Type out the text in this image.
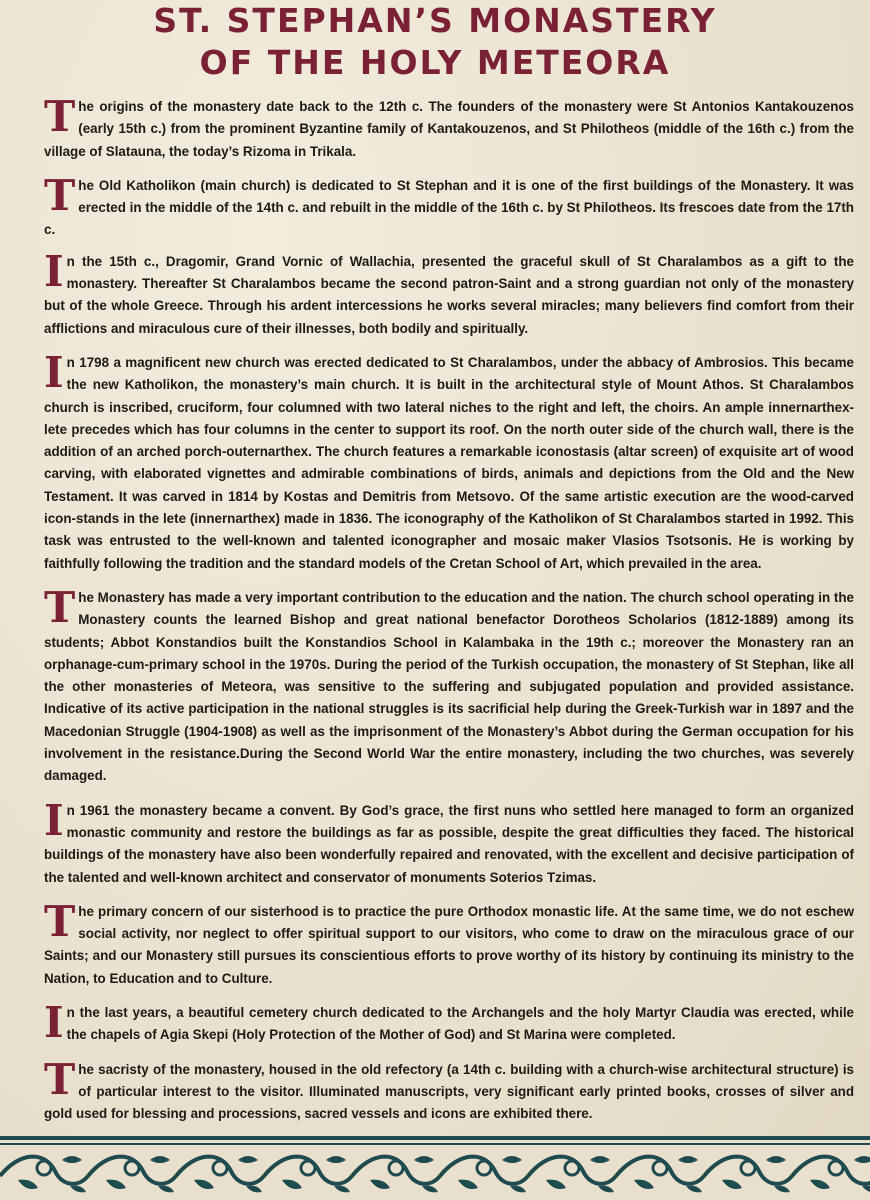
ST. STEPHAN’S MONASTERY
OF THE HOLY METEORA

The origins of the monastery date back to the 12th c. The founders of the monastery were St Antonios Kantakouzenos (early 15th c.) from the prominent Byzantine family of Kantakouzenos, and St Philotheos (middle of the 16th c.) from the village of Slatauna, the today’s Rizoma in Trikala.

The Old Katholikon (main church) is dedicated to St Stephan and it is one of the first buildings of the Monastery. It was erected in the middle of the 14th c. and rebuilt in the middle of the 16th c. by St Philotheos. Its frescoes date from the 17th c.

In the 15th c., Dragomir, Grand Vornic of Wallachia, presented the graceful skull of St Charalambos as a gift to the monastery. Thereafter St Charalambos became the second patron-Saint and a strong guardian not only of the monastery but of the whole Greece. Through his ardent intercessions he works several miracles; many believers find comfort from their afflictions and miraculous cure of their illnesses, both bodily and spiritually.

In 1798 a magnificent new church was erected dedicated to St Charalambos, under the abbacy of Ambrosios. This became the new Katholikon, the monastery’s main church. It is built in the architectural style of Mount Athos. St Charalambos church is inscribed, cruciform, four columned with two lateral niches to the right and left, the choirs. An ample innernarthex-lete precedes which has four columns in the center to support its roof. On the north outer side of the church wall, there is the addition of an arched porch-outernarthex. The church features a remarkable iconostasis (altar screen) of exquisite art of wood carving, with elaborated vignettes and admirable combinations of birds, animals and depictions from the Old and the New Testament. It was carved in 1814 by Kostas and Demitris from Metsovo. Of the same artistic execution are the wood-carved icon-stands in the lete (innernarthex) made in 1836. The iconography of the Katholikon of St Charalambos started in 1992. This task was entrusted to the well-known and talented iconographer and mosaic maker Vlasios Tsotsonis. He is working by faithfully following the tradition and the standard models of the Cretan School of Art, which prevailed in the area.

The Monastery has made a very important contribution to the education and the nation. The church school operating in the Monastery counts the learned Bishop and great national benefactor Dorotheos Scholarios (1812-1889) among its students; Abbot Konstandios built the Konstandios School in Kalambaka in the 19th c.; moreover the Monastery ran an orphanage-cum-primary school in the 1970s. During the period of the Turkish occupation, the monastery of St Stephan, like all the other monasteries of Meteora, was sensitive to the suffering and subjugated population and provided assistance. Indicative of its active participation in the national struggles is its sacrificial help during the Greek-Turkish war in 1897 and the Macedonian Struggle (1904-1908) as well as the imprisonment of the Monastery’s Abbot during the German occupation for his involvement in the resistance.During the Second World War the entire monastery, including the two churches, was severely damaged.

In 1961 the monastery became a convent. By God’s grace, the first nuns who settled here managed to form an organized monastic community and restore the buildings as far as possible, despite the great difficulties they faced. The historical buildings of the monastery have also been wonderfully repaired and renovated, with the excellent and decisive participation of the talented and well-known architect and conservator of monuments Soterios Tzimas.

The primary concern of our sisterhood is to practice the pure Orthodox monastic life. At the same time, we do not eschew social activity, nor neglect to offer spiritual support to our visitors, who come to draw on the miraculous grace of our Saints; and our Monastery still pursues its conscientious efforts to prove worthy of its history by continuing its ministry to the Nation, to Education and to Culture.

In the last years, a beautiful cemetery church dedicated to the Archangels and the holy Martyr Claudia was erected, while the chapels of Agia Skepi (Holy Protection of the Mother of God) and St Marina were completed.

The sacristy of the monastery, housed in the old refectory (a 14th c. building with a church-wise architectural structure) is of particular interest to the visitor. Illuminated manuscripts, very significant early printed books, crosses of silver and gold used for blessing and processions, sacred vessels and icons are exhibited there.
